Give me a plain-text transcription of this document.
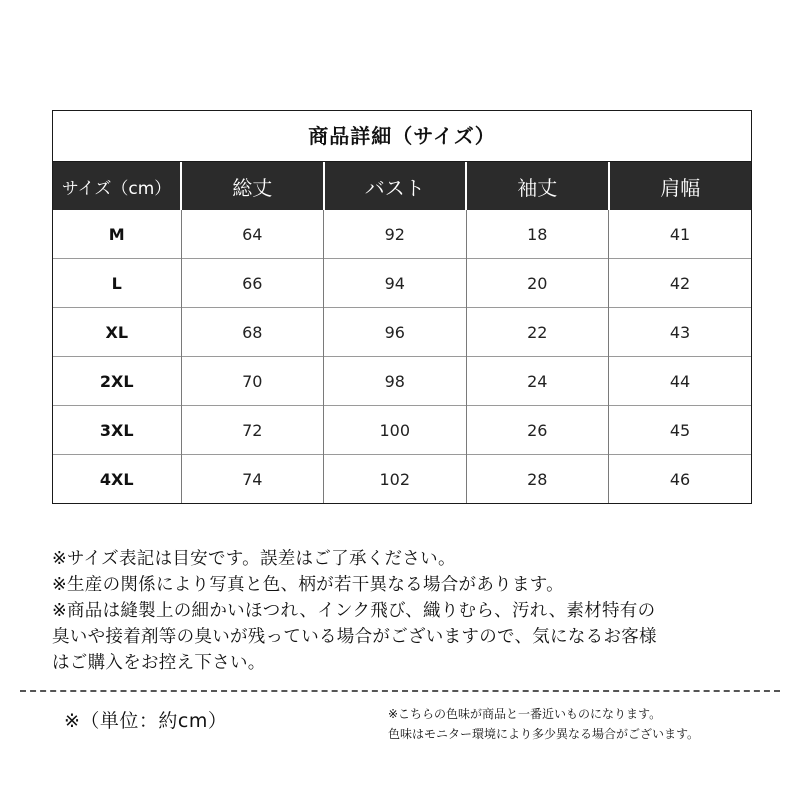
商品詳細（サイズ）
サイズ（cm）	総丈	バスト	袖丈	肩幅
M	64	92	18	41
L	66	94	20	42
XL	68	96	22	43
2XL	70	98	24	44
3XL	72	100	26	45
4XL	74	102	28	46

※サイズ表記は目安です。誤差はご了承ください。

※生産の関係により写真と色、柄が若干異なる場合があります。

※商品は縫製上の細かいほつれ、インク飛び、織りむら、汚れ、素材特有の

臭いや接着剤等の臭いが残っている場合がございますので、気になるお客様

はご購入をお控え下さい。

※（単位：約cm）	※こちらの色味が商品と一番近いものになります。

色味はモニター環境により多少異なる場合がございます。
